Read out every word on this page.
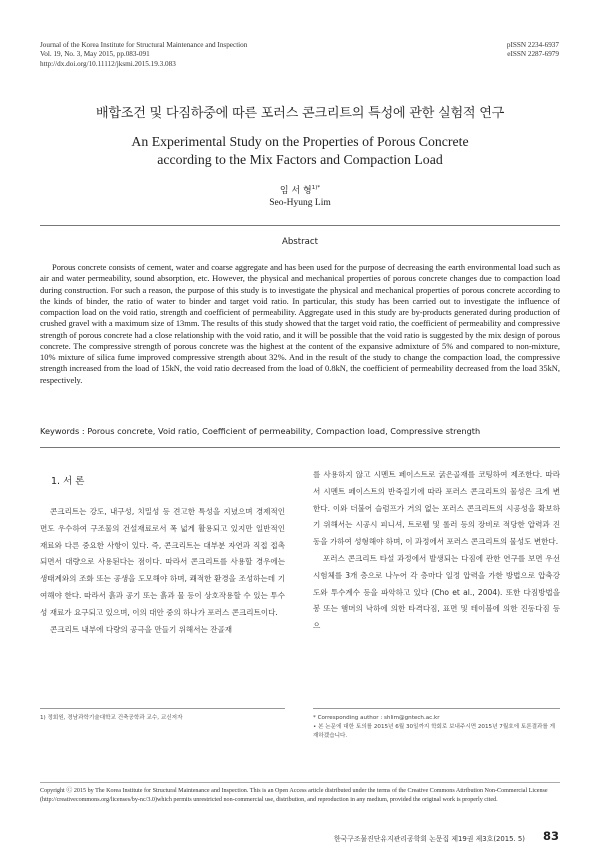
Journal of the Korea Institute for Structural Maintenance and Inspection
Vol. 19, No. 3, May 2015, pp.083-091
http://dx.doi.org/10.11112/jksmi.2015.19.3.083
pISSN 2234-6937
eISSN 2287-6979
배합조건 및 다짐하중에 따른 포러스 콘크리트의 특성에 관한 실험적 연구
An Experimental Study on the Properties of Porous Concrete
according to the Mix Factors and Compaction Load
임 서 형$^{1)*}$
Seo-Hyung Lim
Abstract
Porous concrete consists of cement, water and coarse aggregate and has been used for the purpose of decreasing the earth environmental load such as air and water permeability, sound absorption, etc. However, the physical and mechanical properties of porous concrete changes due to compaction load during construction. For such a reason, the purpose of this study is to investigate the physical and mechanical properties of porous concrete according to the kinds of binder, the ratio of water to binder and target void ratio. In particular, this study has been carried out to investigate the influence of compaction load on the void ratio, strength and coefficient of permeability. Aggregate used in this study are by-products generated during production of crushed gravel with a maximum size of 13mm. The results of this study showed that the target void ratio, the coefficient of permeability and compressive strength of porous concrete had a close relationship with the void ratio, and it will be possible that the void ratio is suggested by the mix design of porous concrete. The compressive strength of porous concrete was the highest at the content of the expansive admixture of 5% and compared to non-mixture, 10% mixture of silica fume improved compressive strength about 32%. And in the result of the study to change the compaction load, the compressive strength increased from the load of 15kN, the void ratio decreased from the load of 0.8kN, the coefficient of permeability decreased from the load 35kN, respectively.
Keywords : Porous concrete, Void ratio, Coefficient of permeability, Compaction load, Compressive strength
1. 서 론

콘크리트는 강도, 내구성, 치밀성 등 견고한 특성을 지녔으며 경제적인 면도 우수하여 구조물의 건설재료로서 폭 넓게 활용되고 있지만 일반적인 재료와 다른 중요한 사항이 있다. 즉, 콘크리트는 대부분 자연과 직접 접촉되면서 대량으로 사용된다는 점이다. 따라서 콘크리트를 사용할 경우에는 생태계와의 조화 또는 공생을 도모해야 하며, 쾌적한 환경을 조성하는데 기여해야 한다. 따라서 흙과 공기 또는 흙과 물 등이 상호작용할 수 있는 투수성 재료가 요구되고 있으며, 이의 대안 중의 하나가 포러스 콘크리트이다.

콘크리트 내부에 다량의 공극을 만들기 위해서는 잔골재

를 사용하지 않고 시멘트 페이스트로 굵은골재를 코팅하여 제조한다. 따라서 시멘트 페이스트의 반죽질기에 따라 포러스 콘크리트의 물성은 크게 변한다. 이와 더불어 슬럼프가 거의 없는 포러스 콘크리트의 시공성을 확보하기 위해서는 시공시 피니셔, 트로웰 및 롤러 등의 장비로 적당한 압력과 진동을 가하여 성형해야 하며, 이 과정에서 포러스 콘크리트의 물성도 변한다.

포러스 콘크리트 타설 과정에서 발생되는 다짐에 관한 연구를 보면 우선 시험체를 3개 층으로 나누어 각 층마다 일정 압력을 가한 방법으로 압축강도와 투수계수 등을 파악하고 있다 (Cho et al., 2004). 또한 다짐방법을 봉 또는 햄머의 낙하에 의한 타격다짐, 표면 및 테이블에 의한 진동다짐 등으

1) 정회원, 경남과학기술대학교 건축공학과 교수, 교신저자	* Corresponding author : shlim@gntech.ac.kr
• 본 논문에 대한 토의를 2015년 6월 30일까지 학회로 보내주시면 2015년 7월호에 토론결과를 게재하겠습니다.
Copyright Ⓒ 2015 by The Korea Institute for Structural Maintenance and Inspection. This is an Open Access article distributed under the terms of the Creative Commons Attribution Non-Commercial License (http://creativecommons.org/licenses/by-nc/3.0)which permits unrestricted non-commercial use, distribution, and reproduction in any medium, provided the original work is properly cited.
한국구조물진단유지관리공학회 논문집 제19권 제3호(2015. 5) 83
